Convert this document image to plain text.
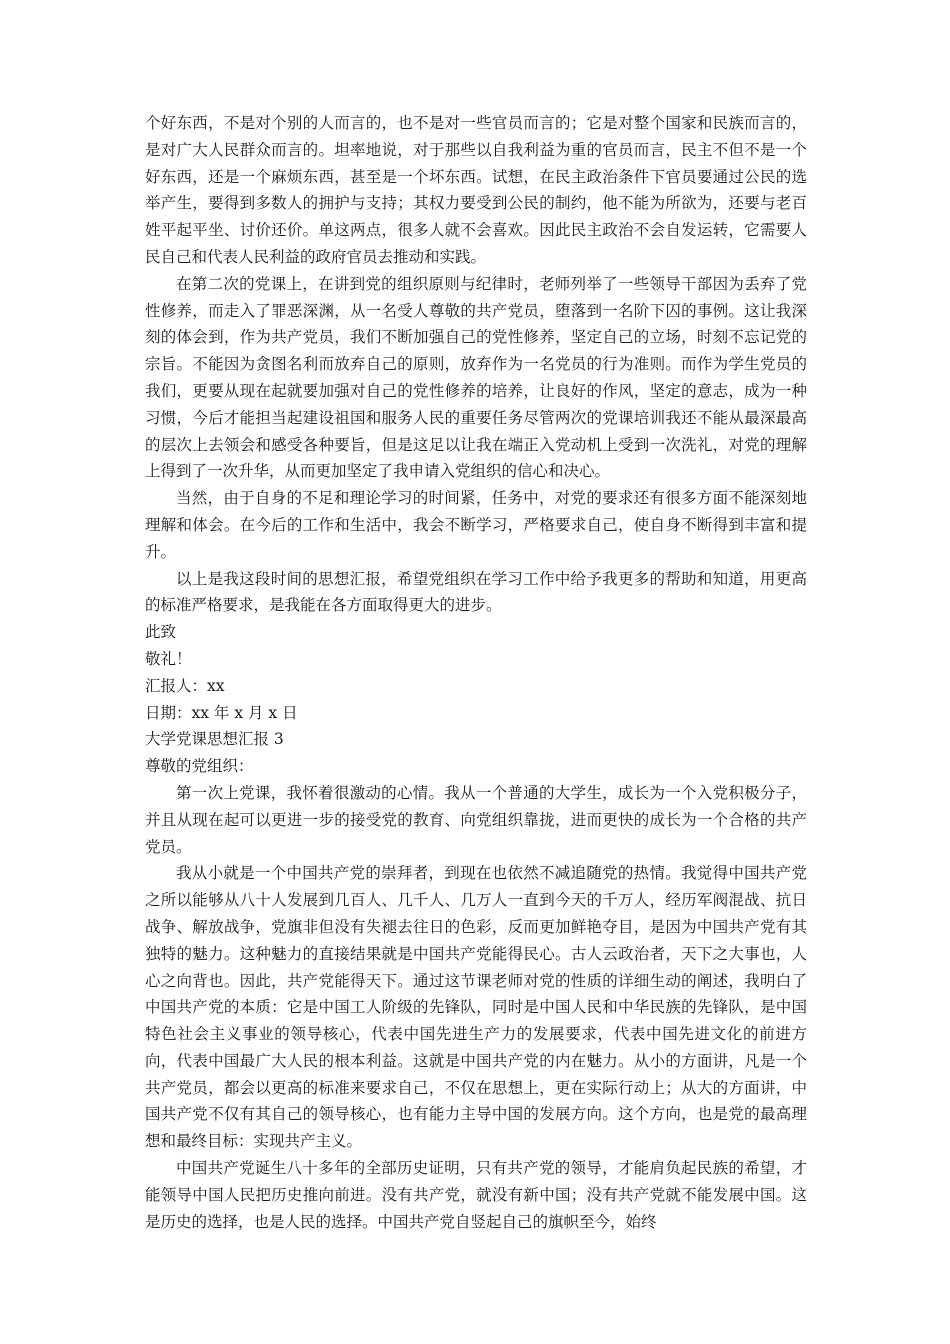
个好东西，不是对个别的人而言的，也不是对一些官员而言的；它是对整个国家和民族而言的，是对广大人民群众而言的。坦率地说，对于那些以自我利益为重的官员而言，民主不但不是一个好东西，还是一个麻烦东西，甚至是一个坏东西。试想，在民主政治条件下官员要通过公民的选举产生，要得到多数人的拥护与支持；其权力要受到公民的制约，他不能为所欲为，还要与老百姓平起平坐、讨价还价。单这两点，很多人就不会喜欢。因此民主政治不会自发运转，它需要人民自己和代表人民利益的政府官员去推动和实践。

在第二次的党课上，在讲到党的组织原则与纪律时，老师列举了一些领导干部因为丢弃了党性修养，而走入了罪恶深渊，从一名受人尊敬的共产党员，堕落到一名阶下囚的事例。这让我深刻的体会到，作为共产党员，我们不断加强自己的党性修养，坚定自己的立场，时刻不忘记党的宗旨。不能因为贪图名利而放弃自己的原则，放弃作为一名党员的行为准则。而作为学生党员的我们，更要从现在起就要加强对自己的党性修养的培养，让良好的作风，坚定的意志，成为一种习惯，今后才能担当起建设祖国和服务人民的重要任务尽管两次的党课培训我还不能从最深最高的层次上去领会和感受各种要旨，但是这足以让我在端正入党动机上受到一次洗礼，对党的理解上得到了一次升华，从而更加坚定了我申请入党组织的信心和决心。

当然，由于自身的不足和理论学习的时间紧，任务中，对党的要求还有很多方面不能深刻地理解和体会。在今后的工作和生活中，我会不断学习，严格要求自己，使自身不断得到丰富和提升。

以上是我这段时间的思想汇报，希望党组织在学习工作中给予我更多的帮助和知道，用更高的标准严格要求，是我能在各方面取得更大的进步。

此致

敬礼！

汇报人：xx

日期：xx 年 x 月 x 日

大学党课思想汇报 3

尊敬的党组织：

第一次上党课，我怀着很激动的心情。我从一个普通的大学生，成长为一个入党积极分子，并且从现在起可以更进一步的接受党的教育、向党组织靠拢，进而更快的成长为一个合格的共产党员。

我从小就是一个中国共产党的崇拜者，到现在也依然不减追随党的热情。我觉得中国共产党之所以能够从八十人发展到几百人、几千人、几万人一直到今天的千万人，经历军阀混战、抗日战争、解放战争，党旗非但没有失褪去往日的色彩，反而更加鲜艳夺目，是因为中国共产党有其独特的魅力。这种魅力的直接结果就是中国共产党能得民心。古人云政治者，天下之大事也，人心之向背也。因此，共产党能得天下。通过这节课老师对党的性质的详细生动的阐述，我明白了中国共产党的本质：它是中国工人阶级的先锋队，同时是中国人民和中华民族的先锋队，是中国特色社会主义事业的领导核心，代表中国先进生产力的发展要求，代表中国先进文化的前进方向，代表中国最广大人民的根本利益。这就是中国共产党的内在魅力。从小的方面讲，凡是一个共产党员，都会以更高的标准来要求自己，不仅在思想上，更在实际行动上；从大的方面讲，中国共产党不仅有其自己的领导核心，也有能力主导中国的发展方向。这个方向，也是党的最高理想和最终目标：实现共产主义。

中国共产党诞生八十多年的全部历史证明，只有共产党的领导，才能肩负起民族的希望，才能领导中国人民把历史推向前进。没有共产党，就没有新中国；没有共产党就不能发展中国。这是历史的选择，也是人民的选择。中国共产党自竖起自己的旗帜至今，始终
